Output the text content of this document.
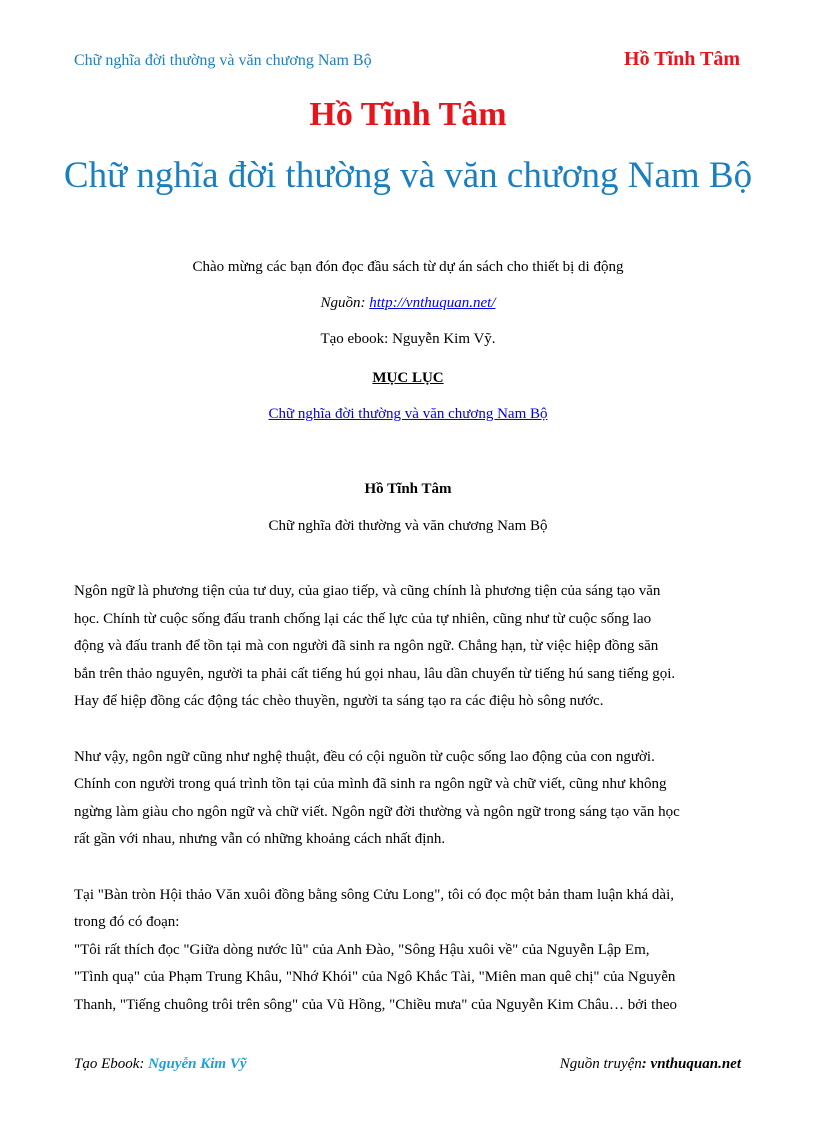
Chữ nghĩa đời thường và văn chương Nam Bộ	Hồ Tĩnh Tâm
Hồ Tĩnh Tâm
Chữ nghĩa đời thường và văn chương Nam Bộ
Chào mừng các bạn đón đọc đầu sách từ dự án sách cho thiết bị di động
Nguồn: http://vnthuquan.net/
Tạo ebook: Nguyễn Kim Vỹ.
MỤC LỤC
Chữ nghĩa đời thường và văn chương Nam Bộ
Hồ Tĩnh Tâm
Chữ nghĩa đời thường và văn chương Nam Bộ

Ngôn ngữ là phương tiện của tư duy, của giao tiếp, và cũng chính là phương tiện của sáng tạo văn
học. Chính từ cuộc sống đấu tranh chống lại các thế lực của tự nhiên, cũng như từ cuộc sống lao
động và đấu tranh để tồn tại mà con người đã sinh ra ngôn ngữ. Chẳng hạn, từ việc hiệp đồng săn
bắn trên thảo nguyên, người ta phải cất tiếng hú gọi nhau, lâu dần chuyển từ tiếng hú sang tiếng gọi.
Hay để hiệp đồng các động tác chèo thuyền, người ta sáng tạo ra các điệu hò sông nước.

Như vậy, ngôn ngữ cũng như nghệ thuật, đều có cội nguồn từ cuộc sống lao động của con người.
Chính con người trong quá trình tồn tại của mình đã sinh ra ngôn ngữ và chữ viết, cũng như không
ngừng làm giàu cho ngôn ngữ và chữ viết. Ngôn ngữ đời thường và ngôn ngữ trong sáng tạo văn học
rất gần với nhau, nhưng vẫn có những khoảng cách nhất định.

Tại "Bàn tròn Hội thảo Văn xuôi đồng bằng sông Cửu Long", tôi có đọc một bản tham luận khá dài,
trong đó có đoạn:
"Tôi rất thích đọc "Giữa dòng nước lũ" của Anh Đào, "Sông Hậu xuôi về" của Nguyễn Lập Em,
"Tình quạ" của Phạm Trung Khâu, "Nhớ Khói" của Ngô Khắc Tài, "Miên man quê chị" của Nguyễn
Thanh, "Tiếng chuông trôi trên sông" của Vũ Hồng, "Chiều mưa" của Nguyễn Kim Châu… bởi theo

Tạo Ebook: Nguyễn Kim Vỹ	Nguồn truyện: vnthuquan.net
